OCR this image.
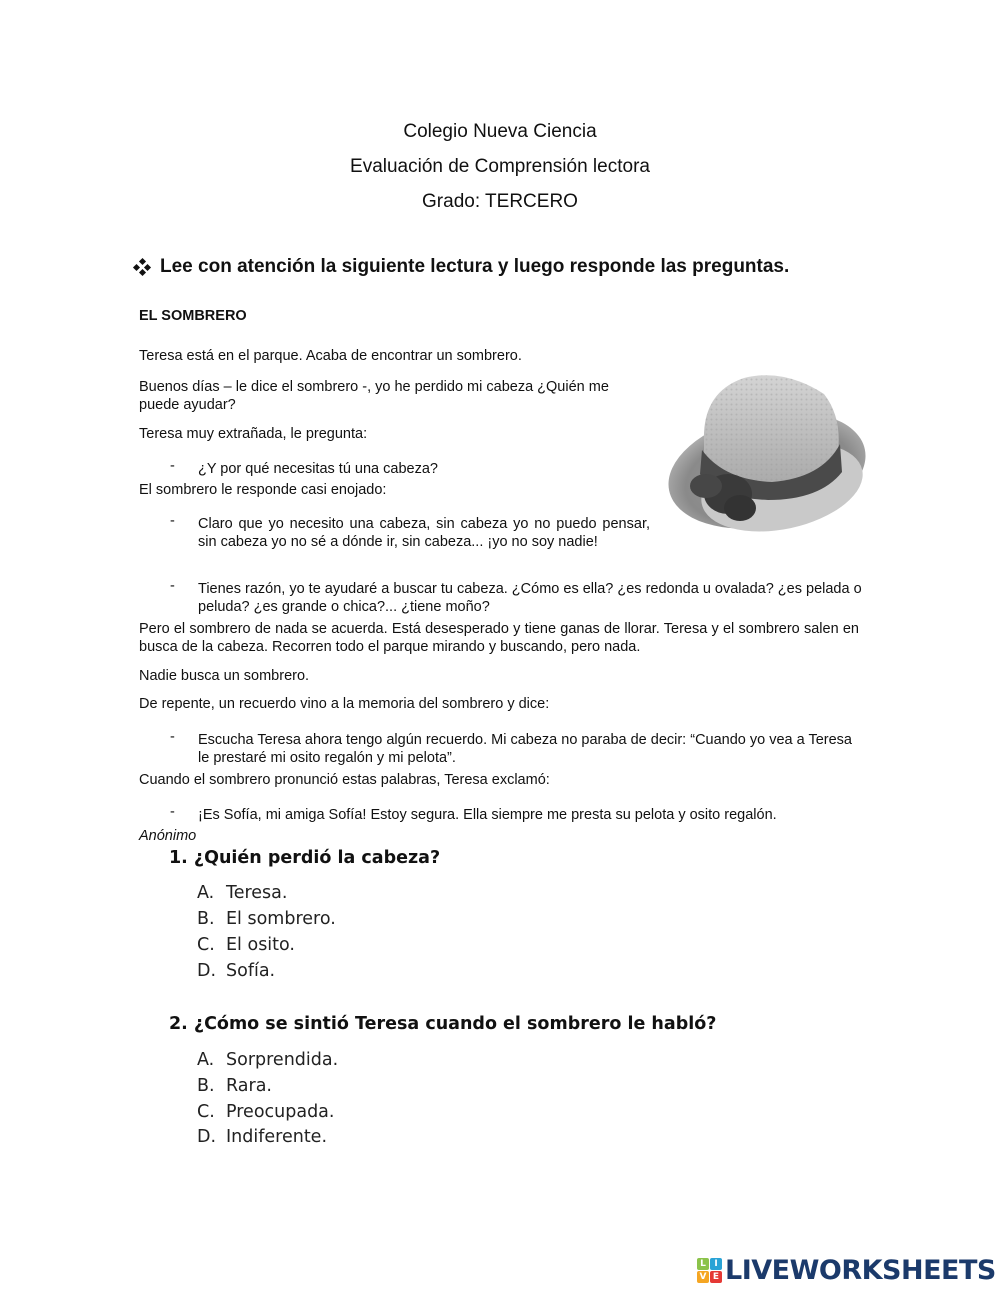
Colegio Nueva Ciencia
Evaluación de Comprensión lectora
Grado: TERCERO
Lee con atención la siguiente lectura y luego responde las preguntas.
EL SOMBRERO
Teresa está en el parque. Acaba de encontrar un sombrero.
Buenos días – le dice el sombrero -, yo he perdido mi cabeza ¿Quién me puede ayudar?
Teresa muy extrañada, le pregunta:
- ¿Y por qué necesitas tú una cabeza?
El sombrero le responde casi enojado:
- Claro que yo necesito una cabeza, sin cabeza yo no puedo pensar, sin cabeza yo no sé a dónde ir, sin cabeza... ¡yo no soy nadie!
- Tienes razón, yo te ayudaré a buscar tu cabeza. ¿Cómo es ella? ¿es redonda u ovalada? ¿es pelada o peluda? ¿es grande o chica?... ¿tiene moño?
Pero el sombrero de nada se acuerda. Está desesperado y tiene ganas de llorar. Teresa y el sombrero salen en busca de la cabeza. Recorren todo el parque mirando y buscando, pero nada.
Nadie busca un sombrero.
De repente, un recuerdo vino a la memoria del sombrero y dice:
- Escucha Teresa ahora tengo algún recuerdo. Mi cabeza no paraba de decir: “Cuando yo vea a Teresa le prestaré mi osito regalón y mi pelota”.
Cuando el sombrero pronunció estas palabras, Teresa exclamó:
- ¡Es Sofía, mi amiga Sofía! Estoy segura. Ella siempre me presta su pelota y osito regalón.
Anónimo
1. ¿Quién perdió la cabeza?
A. Teresa.
B. El sombrero.
C. El osito.
D. Sofía.
2. ¿Cómo se sintió Teresa cuando el sombrero le habló?
A. Sorprendida.
B. Rara.
C. Preocupada.
D. Indiferente.
L I
V E LIVEWORKSHEETS
